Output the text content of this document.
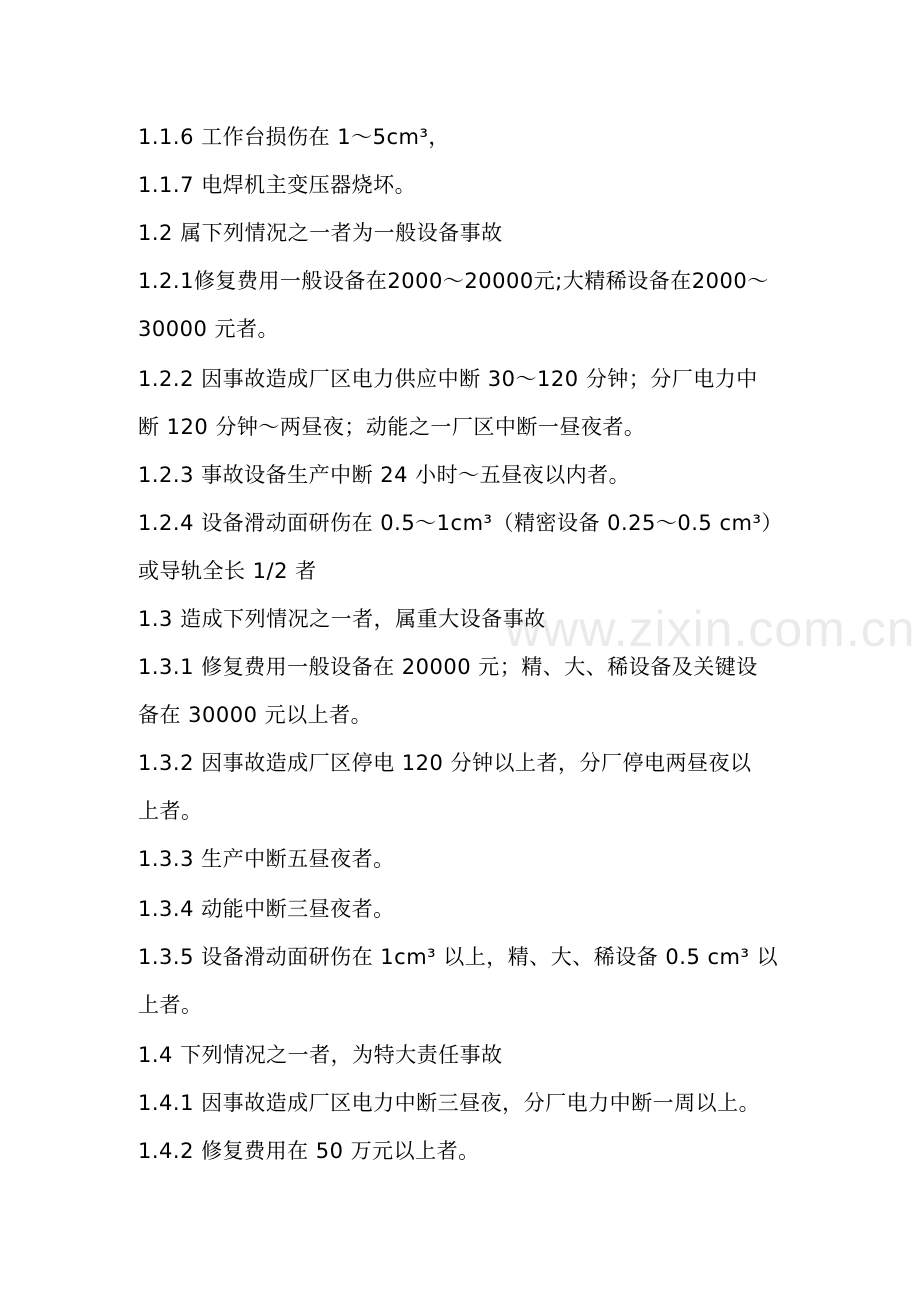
www.zixin.com.cn
1.1.6 工作台损伤在 1～5cm³，
1.1.7 电焊机主变压器烧坏。
1.2 属下列情况之一者为一般设备事故
1.2.1修复费用一般设备在2000～20000元;大精稀设备在2000～
30000 元者。
1.2.2 因事故造成厂区电力供应中断 30～120 分钟；分厂电力中
断 120 分钟～两昼夜；动能之一厂区中断一昼夜者。
1.2.3 事故设备生产中断 24 小时～五昼夜以内者。
1.2.4 设备滑动面研伤在 0.5～1cm³（精密设备 0.25～0.5 cm³）
或导轨全长 1/2 者
1.3 造成下列情况之一者，属重大设备事故
1.3.1 修复费用一般设备在 20000 元；精、大、稀设备及关键设
备在 30000 元以上者。
1.3.2 因事故造成厂区停电 120 分钟以上者，分厂停电两昼夜以
上者。
1.3.3 生产中断五昼夜者。
1.3.4 动能中断三昼夜者。
1.3.5 设备滑动面研伤在 1cm³ 以上，精、大、稀设备 0.5 cm³ 以
上者。
1.4 下列情况之一者，为特大责任事故
1.4.1 因事故造成厂区电力中断三昼夜，分厂电力中断一周以上。
1.4.2 修复费用在 50 万元以上者。
